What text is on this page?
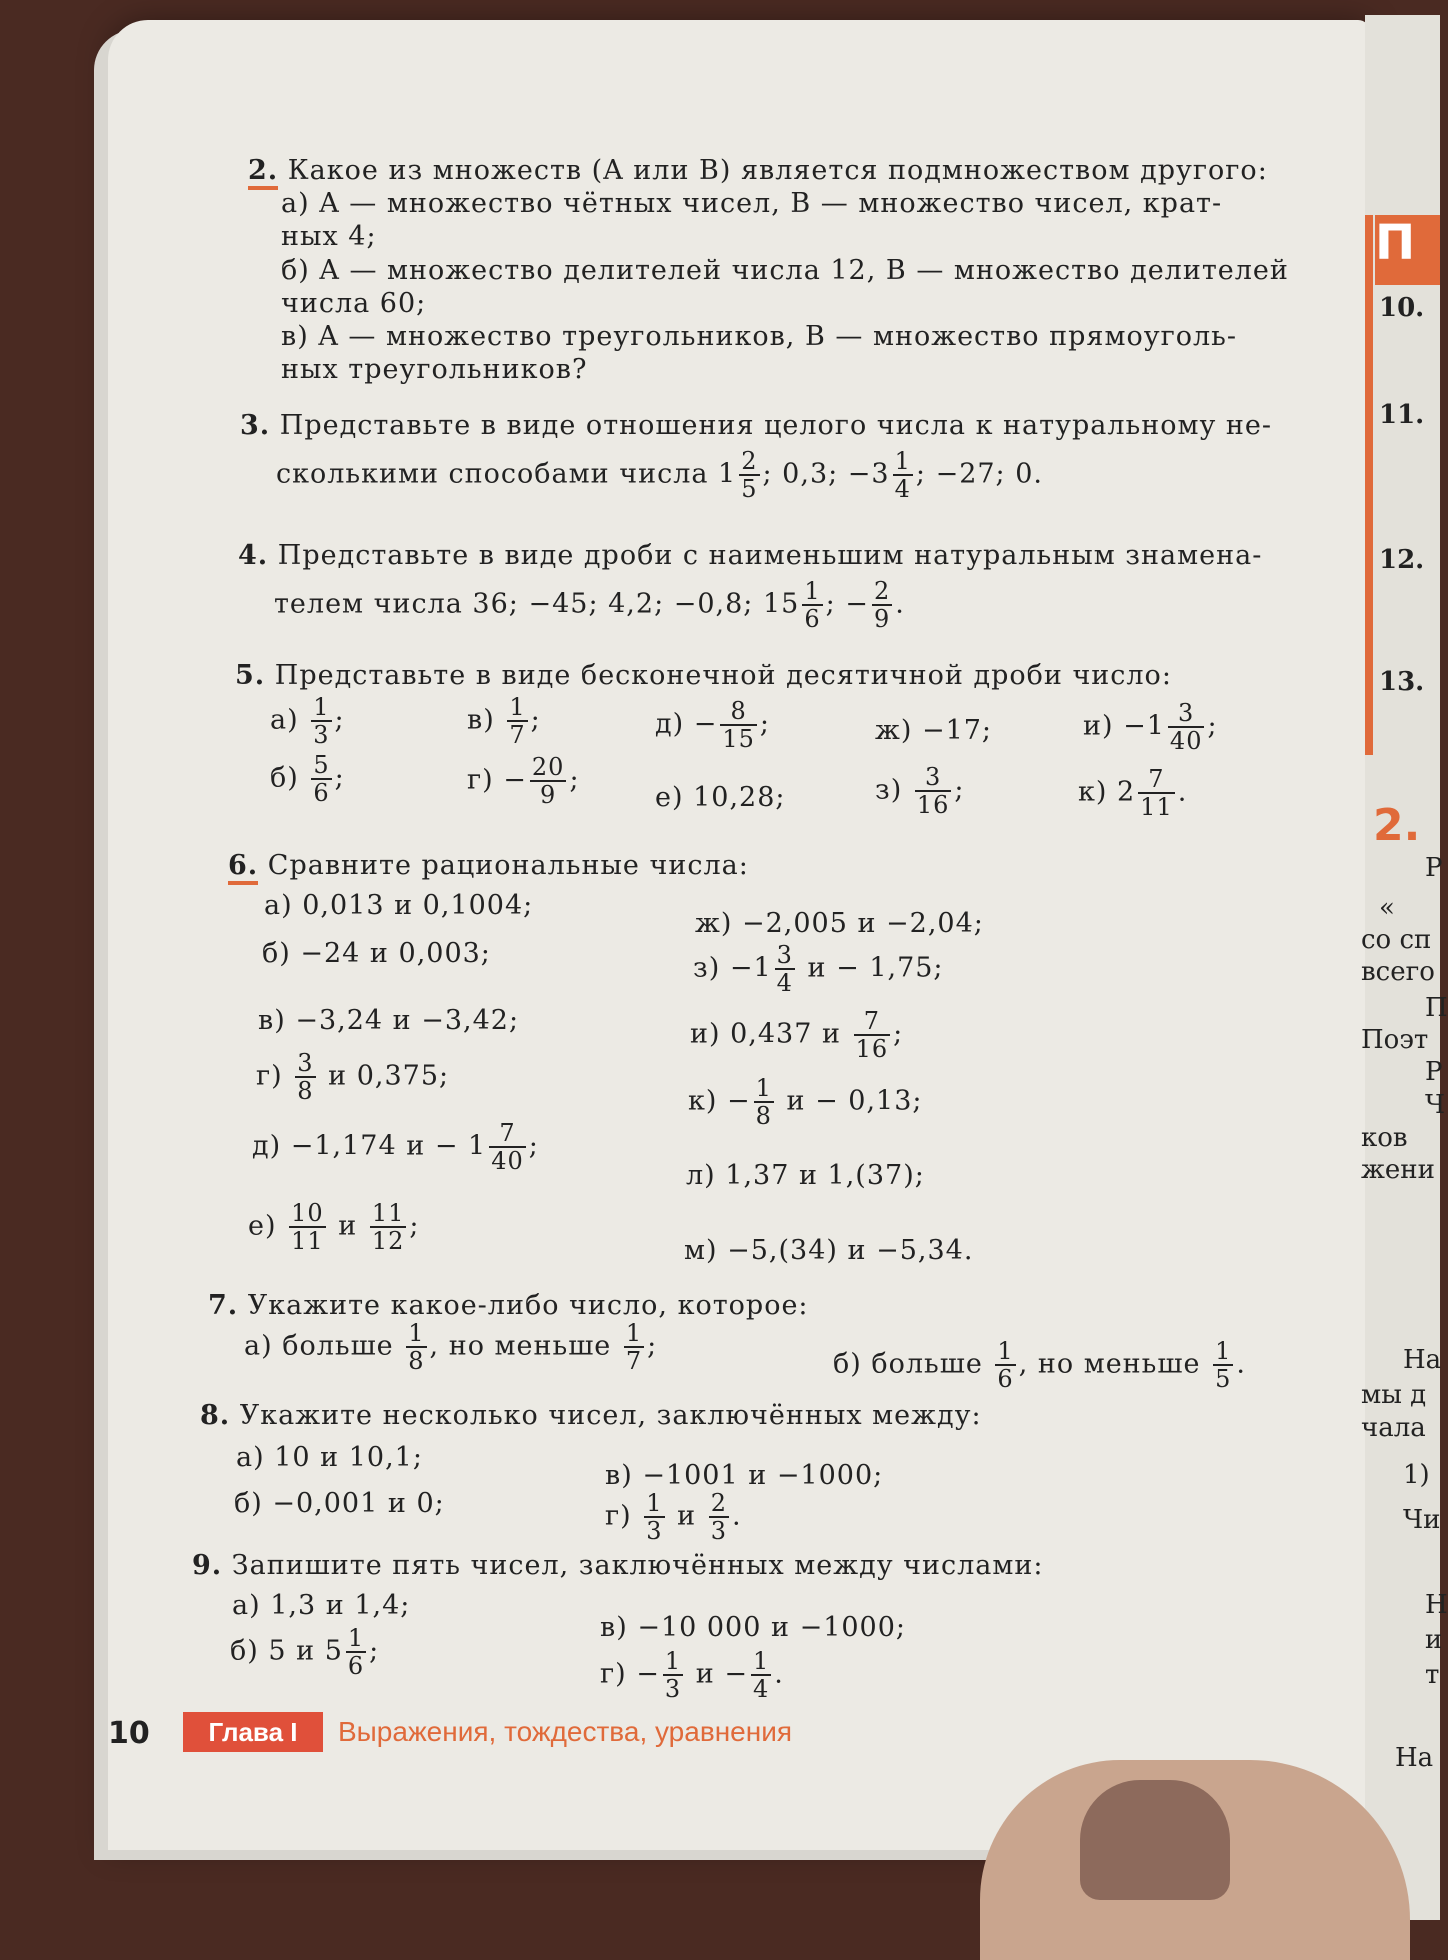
П
10.
11.
12.
13.
2.
Р
«
со сп
всего
П
Поэт
Р
Ч
ков
жени
На
мы д
чала
1)
Чи
Н
и
т
На
2. Какое из множеств (A или B) является подмножеством другого:
а) A — множество чётных чисел, B — множество чисел, крат-
ных 4;
б) A — множество делителей числа 12, B — множество делителей
числа 60;
в) A — множество треугольников, B — множество прямоуголь-
ных треугольников?
3. Представьте в виде отношения целого числа к натуральному не-
сколькими способами числа $1 \frac{2}{5}$ ; 0,3; $-3 \frac{1}{4}$ ; −27; 0.
4. Представьте в виде дроби с наименьшим натуральным знамена-
телем числа 36; −45; 4,2; −0,8; $15 \frac{1}{6}$ ; − $\frac{2}{9}$ .
5. Представьте в виде бесконечной десятичной дроби число:
$а) \frac{1}{3}$ ;	$в) \frac{1}{7}$ ;	$д) - \frac{8}{15}$ ;	ж) −17;	$и) -1 \frac{3}{40}$ ;
$б) \frac{5}{6}$ ;	$г) - \frac{20}{9}$ ;
е) 10,28;	$з) \frac{3}{16}$ ;	к) $2 \frac{7}{11}$ .
6. Сравните рациональные числа:
а) 0,013 и 0,1004;
б) −24 и 0,003;
в) −3,24 и −3,42;
$г) \frac{3}{8}$ и 0,375;
д) −1,174 $и - 1 \frac{7}{40}$ ;
$е) \frac{10}{11}$ и $\frac{11}{12}$ ;
ж) −2,005 и −2,04;
$з) -1 \frac{3}{4}$ и − 1,75;
и) 0,437 и $\frac{7}{16}$ ;
$к) - \frac{1}{8}$ и − 0,13;
л) 1,37 и 1,(37);
м) −5,(34) и −5,34.
7. Укажите какое-либо число, которое:
а) больше $\frac{1}{8}$ , но меньше $\frac{1}{7}$ ;
б) больше $\frac{1}{6}$ , но меньше $\frac{1}{5}$ .
8. Укажите несколько чисел, заключённых между:
а) 10 и 10,1;
б) −0,001 и 0;
в) −1001 и −1000;
$г) \frac{1}{3}$ и $\frac{2}{3}$ .
9. Запишите пять чисел, заключённых между числами:
а) 1,3 и 1,4;
б) 5 и $5 \frac{1}{6}$ ;
в) −10 000 и −1000;
$г) - \frac{1}{3}$ $и - \frac{1}{4}$ .
10	Глава I	Выражения, тождества, уравнения
